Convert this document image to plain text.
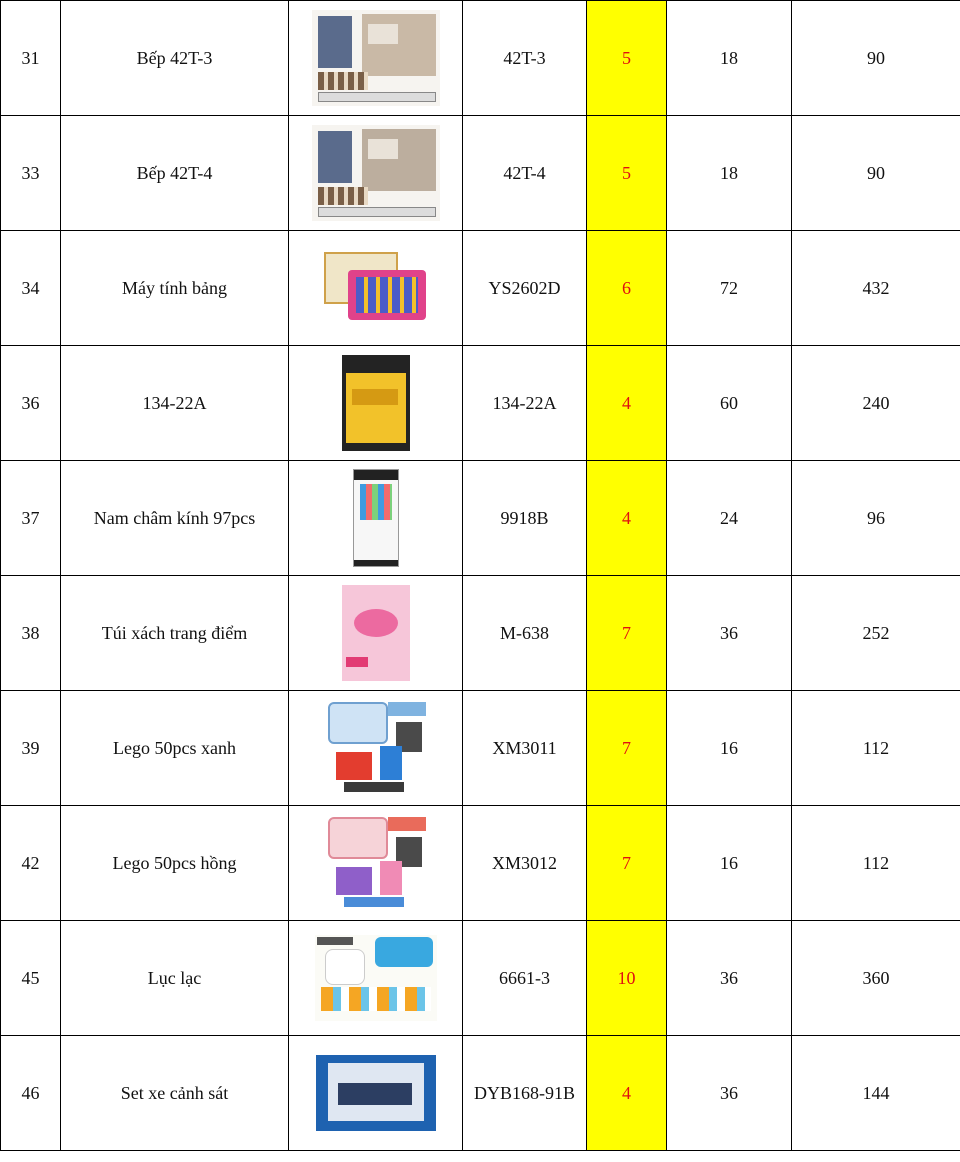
31	Bếp 42T-3		42T-3	5	18	90
33	Bếp 42T-4		42T-4	5	18	90
34	Máy tính bảng		YS2602D	6	72	432
36	134-22A		134-22A	4	60	240
37	Nam châm kính 97pcs		9918B	4	24	96
38	Túi xách trang điểm		M-638	7	36	252
39	Lego 50pcs xanh		XM3011	7	16	112
42	Lego 50pcs hồng		XM3012	7	16	112
45	Lục lạc		6661-3	10	36	360
46	Set xe cảnh sát		DYB168-91B	4	36	144
